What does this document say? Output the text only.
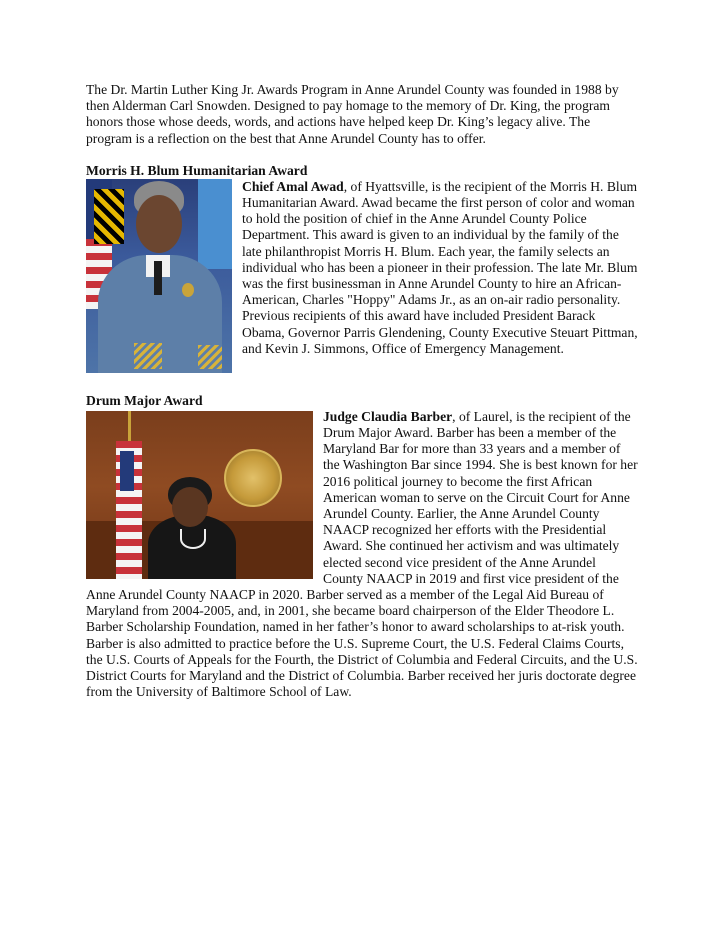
The Dr. Martin Luther King Jr. Awards Program in Anne Arundel County was founded in 1988 by then Alderman Carl Snowden. Designed to pay homage to the memory of Dr. King, the program honors those whose deeds, words, and actions have helped keep Dr. King’s legacy alive. The program is a reflection on the best that Anne Arundel County has to offer.

Morris H. Blum Humanitarian Award

Chief Amal Awad, of Hyattsville, is the recipient of the Morris H. Blum Humanitarian Award. Awad became the first person of color and woman to hold the position of chief in the Anne Arundel County Police Department. This award is given to an individual by the family of the late philanthropist Morris H. Blum. Each year, the family selects an individual who has been a pioneer in their profession. The late Mr. Blum was the first businessman in Anne Arundel County to hire an African-American, Charles "Hoppy" Adams Jr., as an on-air radio personality. Previous recipients of this award have included President Barack Obama, Governor Parris Glendening, County Executive Steuart Pittman, and Kevin J. Simmons, Office of Emergency Management.

Drum Major Award

Judge Claudia Barber, of Laurel, is the recipient of the Drum Major Award. Barber has been a member of the Maryland Bar for more than 33 years and a member of the Washington Bar since 1994. She is best known for her 2016 political journey to become the first African American woman to serve on the Circuit Court for Anne Arundel County. Earlier, the Anne Arundel County NAACP recognized her efforts with the Presidential Award. She continued her activism and was ultimately elected second vice president of the Anne Arundel County NAACP in 2019 and first vice president of the Anne Arundel County NAACP in 2020. Barber served as a member of the Legal Aid Bureau of Maryland from 2004-2005, and, in 2001, she became board chairperson of the Elder Theodore L. Barber Scholarship Foundation, named in her father’s honor to award scholarships to at-risk youth. Barber is also admitted to practice before the U.S. Supreme Court, the U.S. Federal Claims Courts, the U.S. Courts of Appeals for the Fourth, the District of Columbia and Federal Circuits, and the U.S. District Courts for Maryland and the District of Columbia. Barber received her juris doctorate degree from the University of Baltimore School of Law.
